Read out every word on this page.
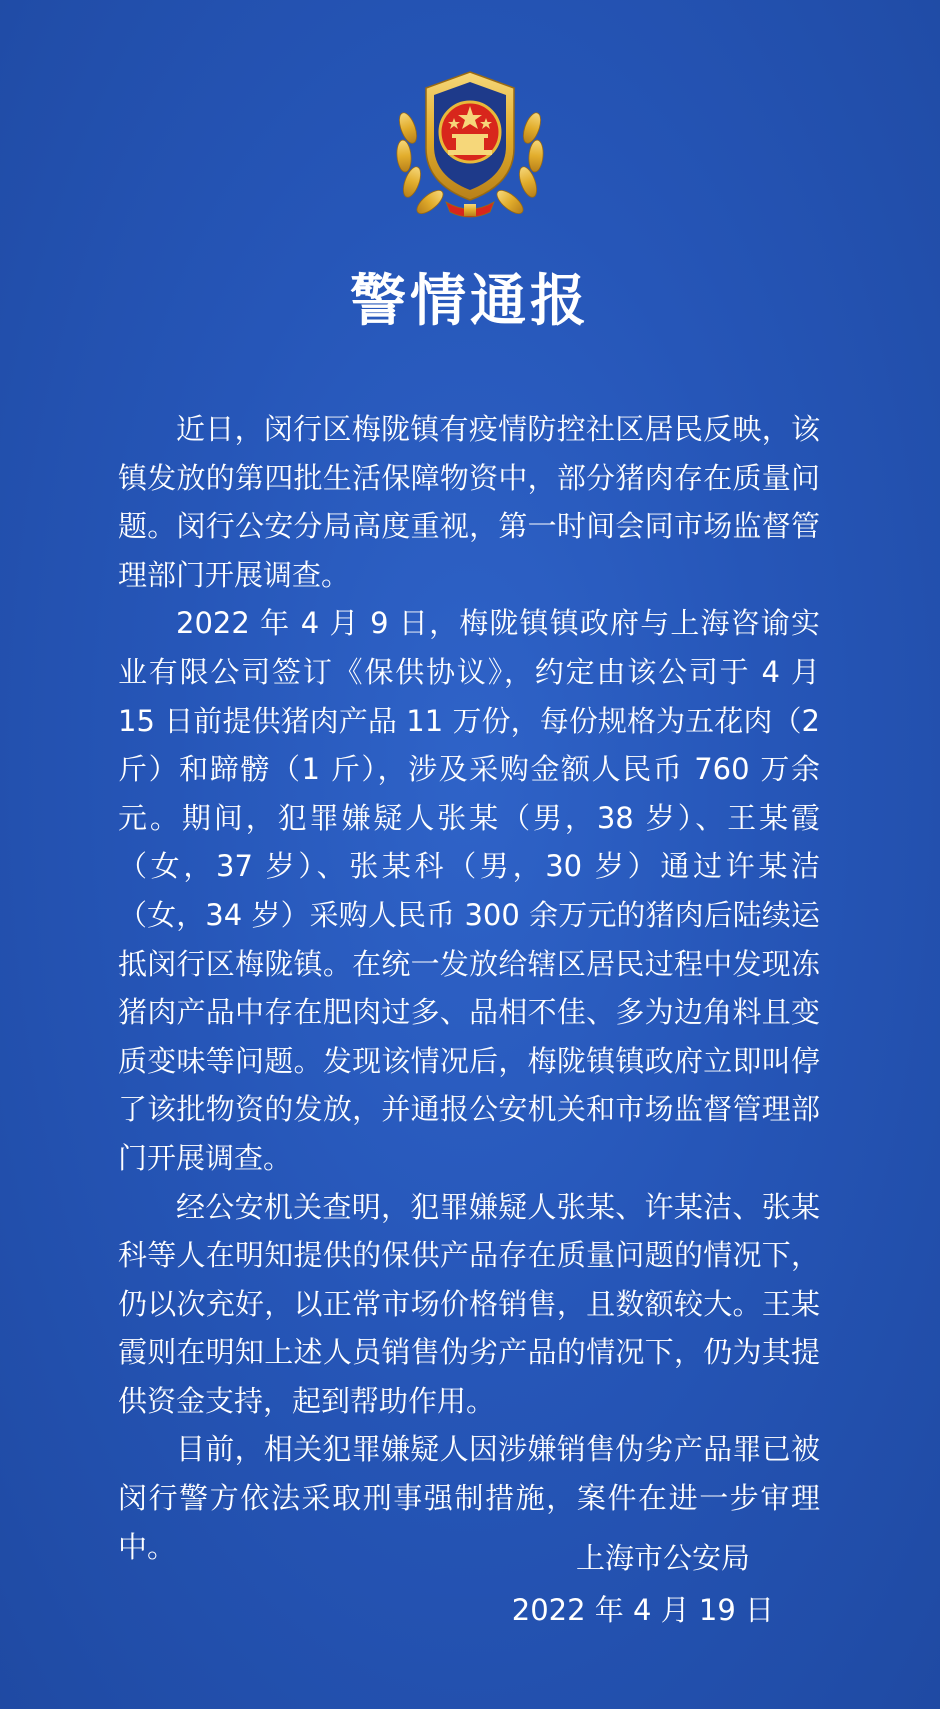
警情通报

近日，闵行区梅陇镇有疫情防控社区居民反映，该镇发放的第四批生活保障物资中，部分猪肉存在质量问题。闵行公安分局高度重视，第一时间会同市场监督管理部门开展调查。

2022 年 4 月 9 日，梅陇镇镇政府与上海咨谕实业有限公司签订《保供协议》，约定由该公司于 4 月 15 日前提供猪肉产品 11 万份，每份规格为五花肉（2 斤）和蹄髈（1 斤），涉及采购金额人民币 760 万余元。期间，犯罪嫌疑人张某（男，38 岁）、王某霞（女，37 岁）、张某科（男，30 岁）通过许某洁（女，34 岁）采购人民币 300 余万元的猪肉后陆续运抵闵行区梅陇镇。在统一发放给辖区居民过程中发现冻猪肉产品中存在肥肉过多、品相不佳、多为边角料且变质变味等问题。发现该情况后，梅陇镇镇政府立即叫停了该批物资的发放，并通报公安机关和市场监督管理部门开展调查。

经公安机关查明，犯罪嫌疑人张某、许某洁、张某科等人在明知提供的保供产品存在质量问题的情况下，仍以次充好，以正常市场价格销售，且数额较大。王某霞则在明知上述人员销售伪劣产品的情况下，仍为其提供资金支持，起到帮助作用。

目前，相关犯罪嫌疑人因涉嫌销售伪劣产品罪已被闵行警方依法采取刑事强制措施，案件在进一步审理中。	上海市公安局
2022 年 4 月 19 日
